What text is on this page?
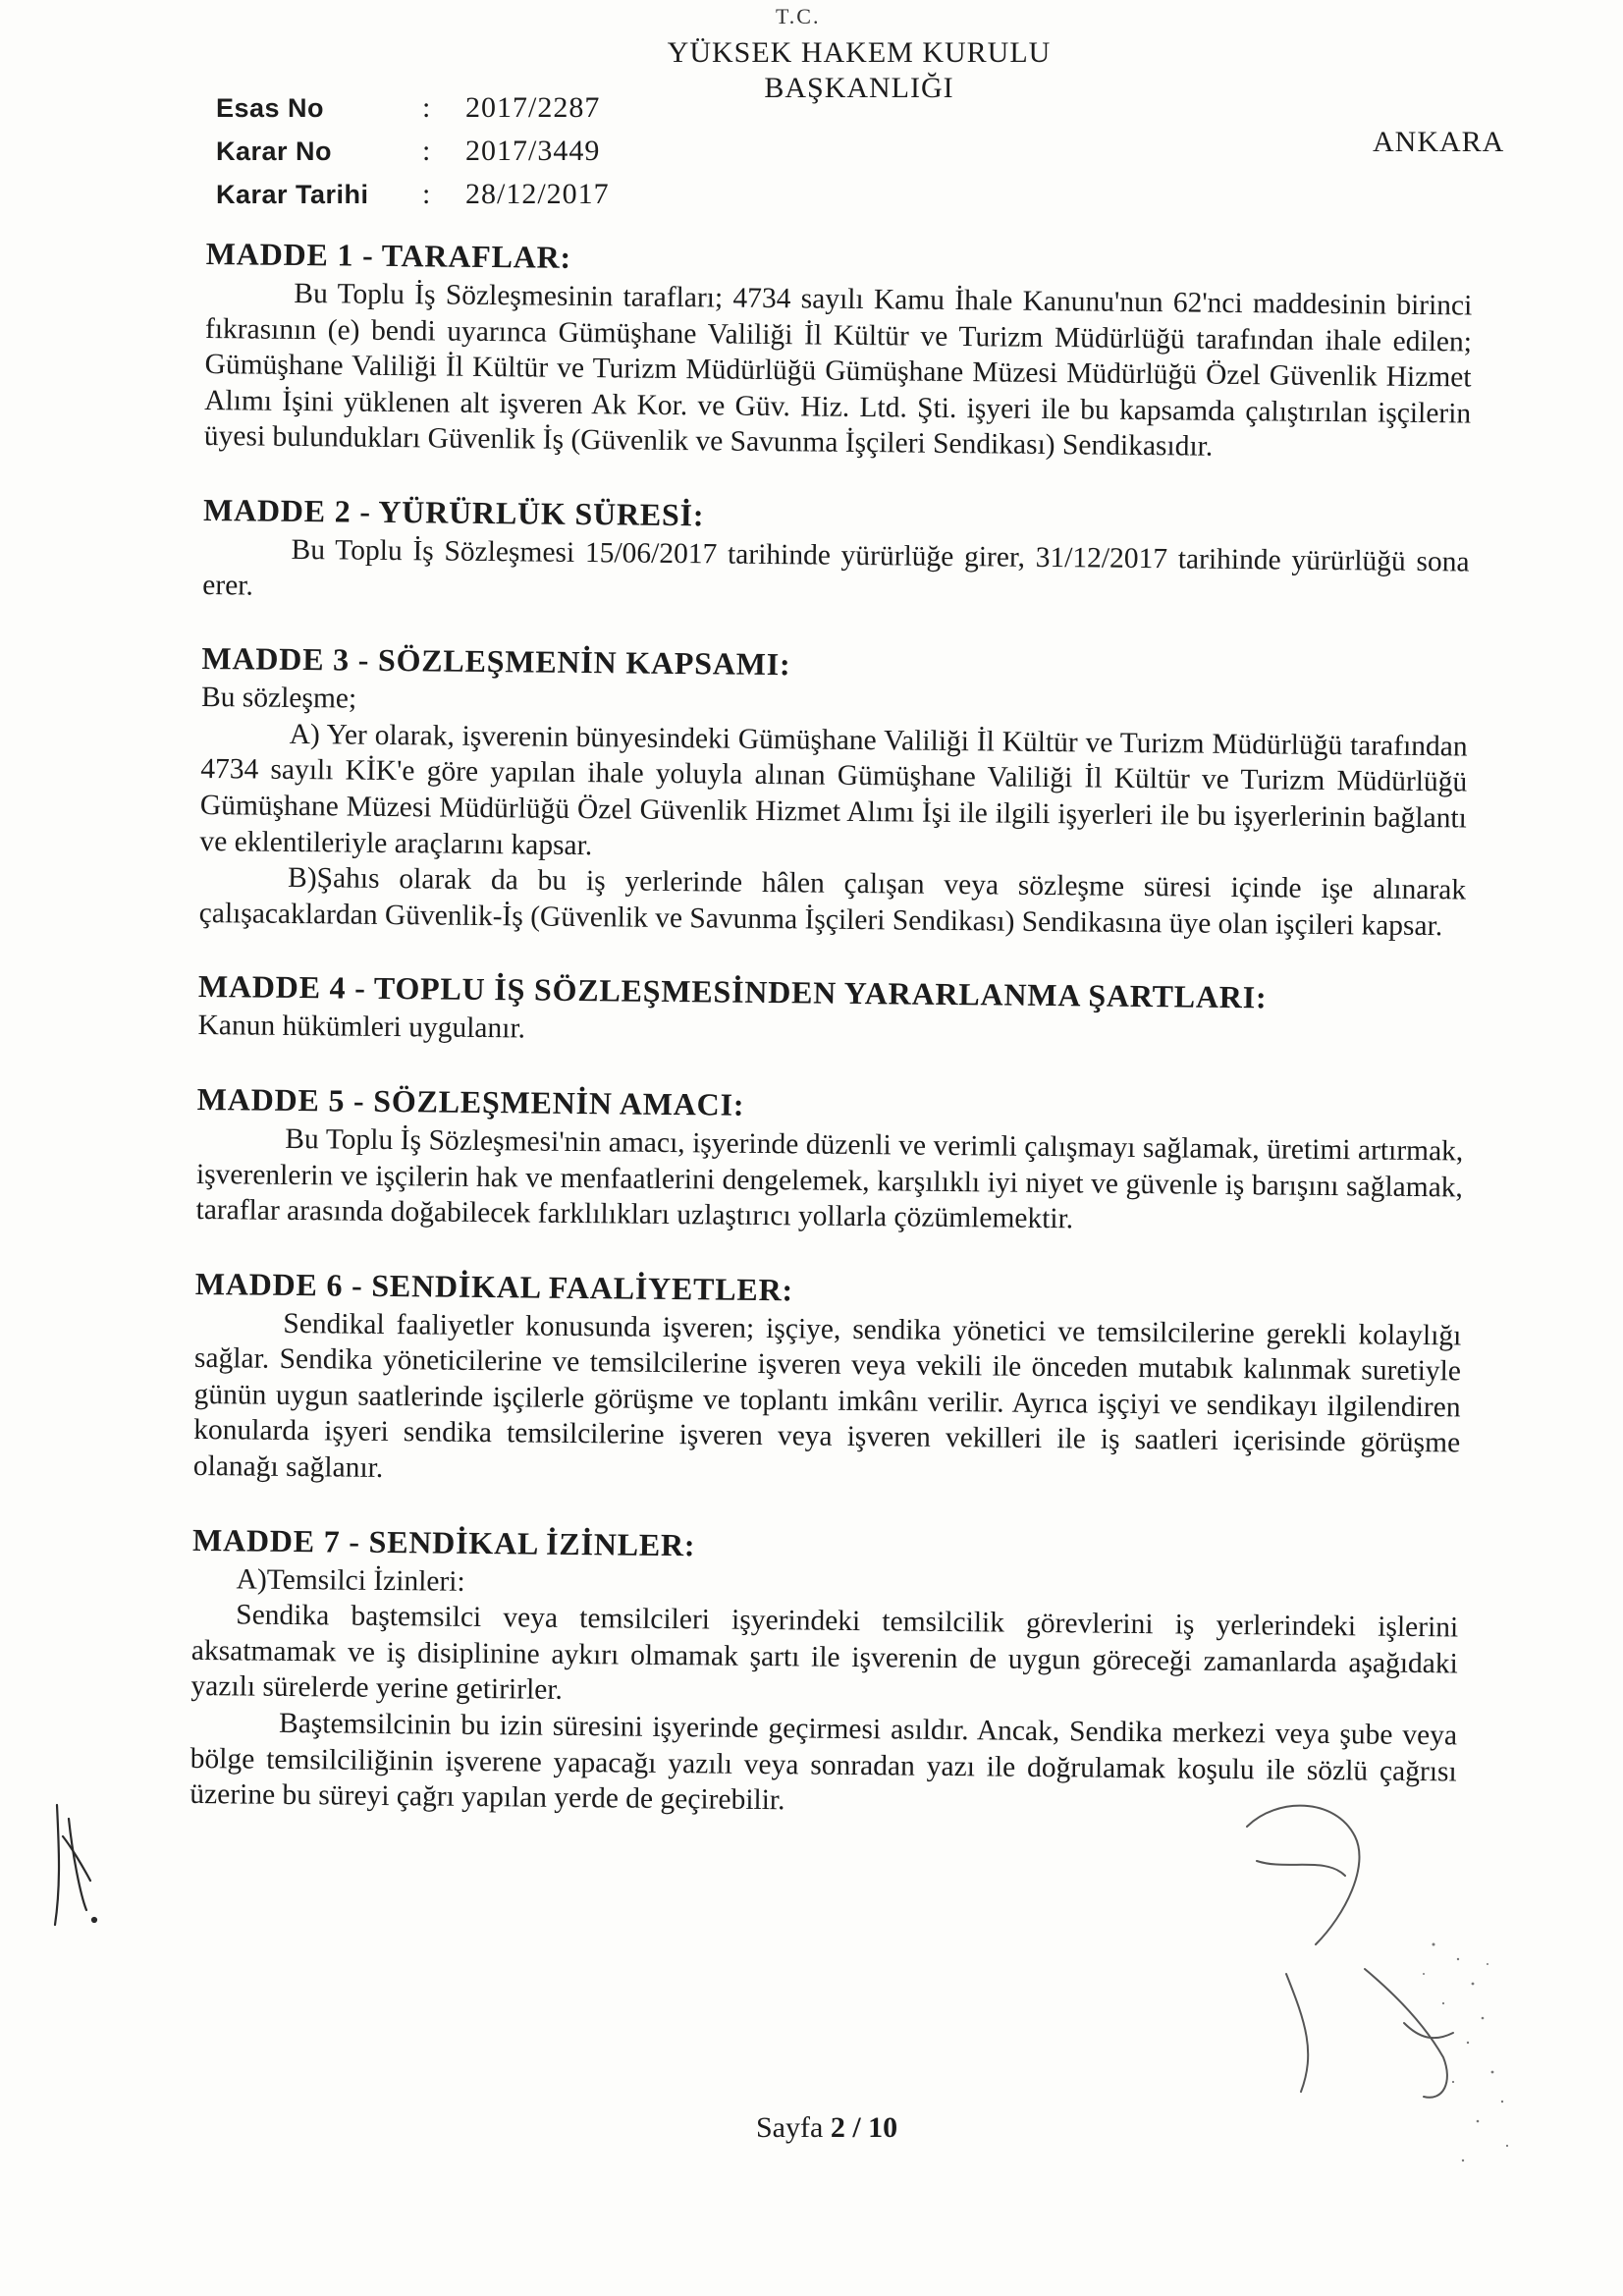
T.C.
YÜKSEK HAKEM KURULU
BAŞKANLIĞI
ANKARA
Esas No	:	2017/2287
Karar No	:	2017/3449
Karar Tarihi	:	28/12/2017
MADDE 1 - TARAFLAR:

Bu Toplu İş Sözleşmesinin tarafları; 4734 sayılı Kamu İhale Kanunu'nun 62'nci maddesinin birinci fıkrasının (e) bendi uyarınca Gümüşhane Valiliği İl Kültür ve Turizm Müdürlüğü tarafından ihale edilen; Gümüşhane Valiliği İl Kültür ve Turizm Müdürlüğü Gümüşhane Müzesi Müdürlüğü Özel Güvenlik Hizmet Alımı İşini yüklenen alt işveren Ak Kor. ve Güv. Hiz. Ltd. Şti. işyeri ile bu kapsamda çalıştırılan işçilerin üyesi bulundukları Güvenlik İş (Güvenlik ve Savunma İşçileri Sendikası) Sendikasıdır.

MADDE 2 - YÜRÜRLÜK SÜRESİ:

Bu Toplu İş Sözleşmesi 15/06/2017 tarihinde yürürlüğe girer, 31/12/2017 tarihinde yürürlüğü sona erer.

MADDE 3 - SÖZLEŞMENİN KAPSAMI:

Bu sözleşme;

A) Yer olarak, işverenin bünyesindeki Gümüşhane Valiliği İl Kültür ve Turizm Müdürlüğü tarafından 4734 sayılı KİK'e göre yapılan ihale yoluyla alınan Gümüşhane Valiliği İl Kültür ve Turizm Müdürlüğü Gümüşhane Müzesi Müdürlüğü Özel Güvenlik Hizmet Alımı İşi ile ilgili işyerleri ile bu işyerlerinin bağlantı ve eklentileriyle araçlarını kapsar.

B)Şahıs olarak da bu iş yerlerinde hâlen çalışan veya sözleşme süresi içinde işe alınarak çalışacaklardan Güvenlik-İş (Güvenlik ve Savunma İşçileri Sendikası) Sendikasına üye olan işçileri kapsar.

MADDE 4 - TOPLU İŞ SÖZLEŞMESİNDEN YARARLANMA ŞARTLARI:

Kanun hükümleri uygulanır.

MADDE 5 - SÖZLEŞMENİN AMACI:

Bu Toplu İş Sözleşmesi'nin amacı, işyerinde düzenli ve verimli çalışmayı sağlamak, üretimi artırmak, işverenlerin ve işçilerin hak ve menfaatlerini dengelemek, karşılıklı iyi niyet ve güvenle iş barışını sağlamak, taraflar arasında doğabilecek farklılıkları uzlaştırıcı yollarla çözümlemektir.

MADDE 6 - SENDİKAL FAALİYETLER:

Sendikal faaliyetler konusunda işveren; işçiye, sendika yönetici ve temsilcilerine gerekli kolaylığı sağlar. Sendika yöneticilerine ve temsilcilerine işveren veya vekili ile önceden mutabık kalınmak suretiyle günün uygun saatlerinde işçilerle görüşme ve toplantı imkânı verilir. Ayrıca işçiyi ve sendikayı ilgilendiren konularda işyeri sendika temsilcilerine işveren veya işveren vekilleri ile iş saatleri içerisinde görüşme olanağı sağlanır.

MADDE 7 - SENDİKAL İZİNLER:

A)Temsilci İzinleri:

Sendika baştemsilci veya temsilcileri işyerindeki temsilcilik görevlerini iş yerlerindeki işlerini aksatmamak ve iş disiplinine aykırı olmamak şartı ile işverenin de uygun göreceği zamanlarda aşağıdaki yazılı sürelerde yerine getirirler.

Baştemsilcinin bu izin süresini işyerinde geçirmesi asıldır. Ancak, Sendika merkezi veya şube veya bölge temsilciliğinin işverene yapacağı yazılı veya sonradan yazı ile doğrulamak koşulu ile sözlü çağrısı üzerine bu süreyi çağrı yapılan yerde de geçirebilir.

Sayfa 2 / 10
